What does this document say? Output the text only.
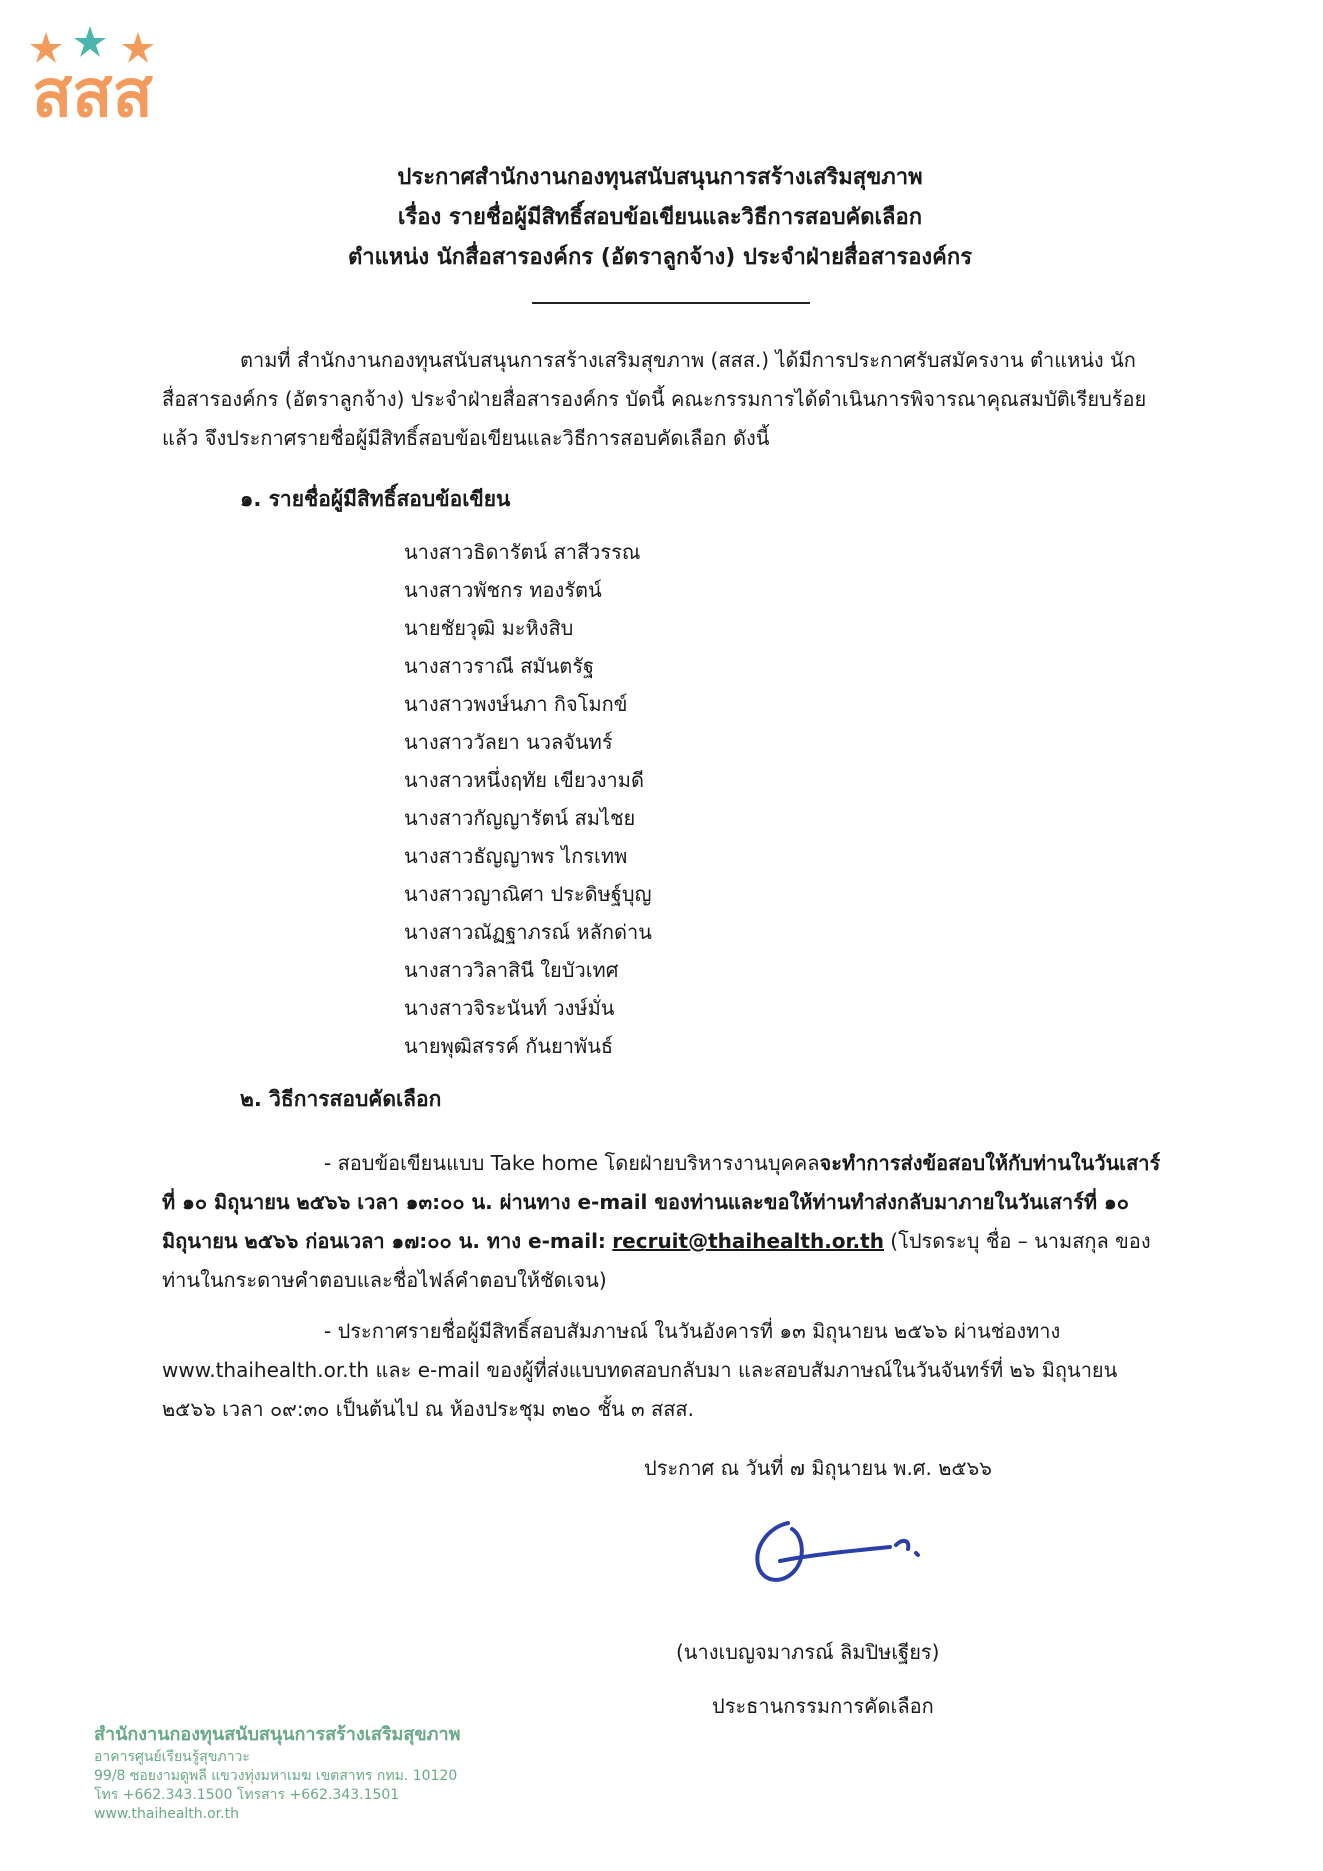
สสส
ประกาศสำนักงานกองทุนสนับสนุนการสร้างเสริมสุขภาพ
เรื่อง รายชื่อผู้มีสิทธิ์สอบข้อเขียนและวิธีการสอบคัดเลือก
ตำแหน่ง นักสื่อสารองค์กร (อัตราลูกจ้าง) ประจำฝ่ายสื่อสารองค์กร
ตามที่ สำนักงานกองทุนสนับสนุนการสร้างเสริมสุขภาพ (สสส.) ได้มีการประกาศรับสมัครงาน ตำแหน่ง นักสื่อสารองค์กร (อัตราลูกจ้าง) ประจำฝ่ายสื่อสารองค์กร บัดนี้ คณะกรรมการได้ดำเนินการพิจารณาคุณสมบัติเรียบร้อยแล้ว จึงประกาศรายชื่อผู้มีสิทธิ์สอบข้อเขียนและวิธีการสอบคัดเลือก ดังนี้
๑. รายชื่อผู้มีสิทธิ์สอบข้อเขียน
นางสาวธิดารัตน์ สาสีวรรณ
นางสาวพัชกร ทองรัตน์
นายชัยวุฒิ มะหิงสิบ
นางสาวราณี สมันตรัฐ
นางสาวพงษ์นภา กิจโมกข์
นางสาววัลยา นวลจันทร์
นางสาวหนึ่งฤทัย เขียวงามดี
นางสาวกัญญารัตน์ สมไชย
นางสาวธัญญาพร ไกรเทพ
นางสาวญาณิศา ประดิษฐ์บุญ
นางสาวณัฏฐาภรณ์ หลักด่าน
นางสาววิลาสินี ใยบัวเทศ
นางสาวจิระนันท์ วงษ์มั่น
นายพุฒิสรรค์ กันยาพันธ์
๒. วิธีการสอบคัดเลือก
- สอบข้อเขียนแบบ Take home โดยฝ่ายบริหารงานบุคคลจะทำการส่งข้อสอบให้กับท่านในวันเสาร์ที่ ๑๐ มิถุนายน ๒๕๖๖ เวลา ๑๓:๐๐ น. ผ่านทาง e-mail ของท่านและขอให้ท่านทำส่งกลับมาภายในวันเสาร์ที่ ๑๐ มิถุนายน ๒๕๖๖ ก่อนเวลา ๑๗:๐๐ น. ทาง e-mail: recruit@thaihealth.or.th (โปรดระบุ ชื่อ – นามสกุล ของท่านในกระดาษคำตอบและชื่อไฟล์คำตอบให้ชัดเจน)
- ประกาศรายชื่อผู้มีสิทธิ์สอบสัมภาษณ์ ในวันอังคารที่ ๑๓ มิถุนายน ๒๕๖๖ ผ่านช่องทาง www.thaihealth.or.th และ e-mail ของผู้ที่ส่งแบบทดสอบกลับมา และสอบสัมภาษณ์ในวันจันทร์ที่ ๒๖ มิถุนายน ๒๕๖๖ เวลา ๐๙:๓๐ เป็นต้นไป ณ ห้องประชุม ๓๒๐ ชั้น ๓ สสส.
ประกาศ ณ วันที่ ๗ มิถุนายน พ.ศ. ๒๕๖๖
(นางเบญจมาภรณ์ ลิมปิษเฐียร)
ประธานกรรมการคัดเลือก
สำนักงานกองทุนสนับสนุนการสร้างเสริมสุขภาพ
อาคารศูนย์เรียนรู้สุขภาวะ
99/8 ซอยงามดูพลี แขวงทุ่งมหาเมฆ เขตสาทร กทม. 10120
โทร +662.343.1500 โทรสาร +662.343.1501
www.thaihealth.or.th
